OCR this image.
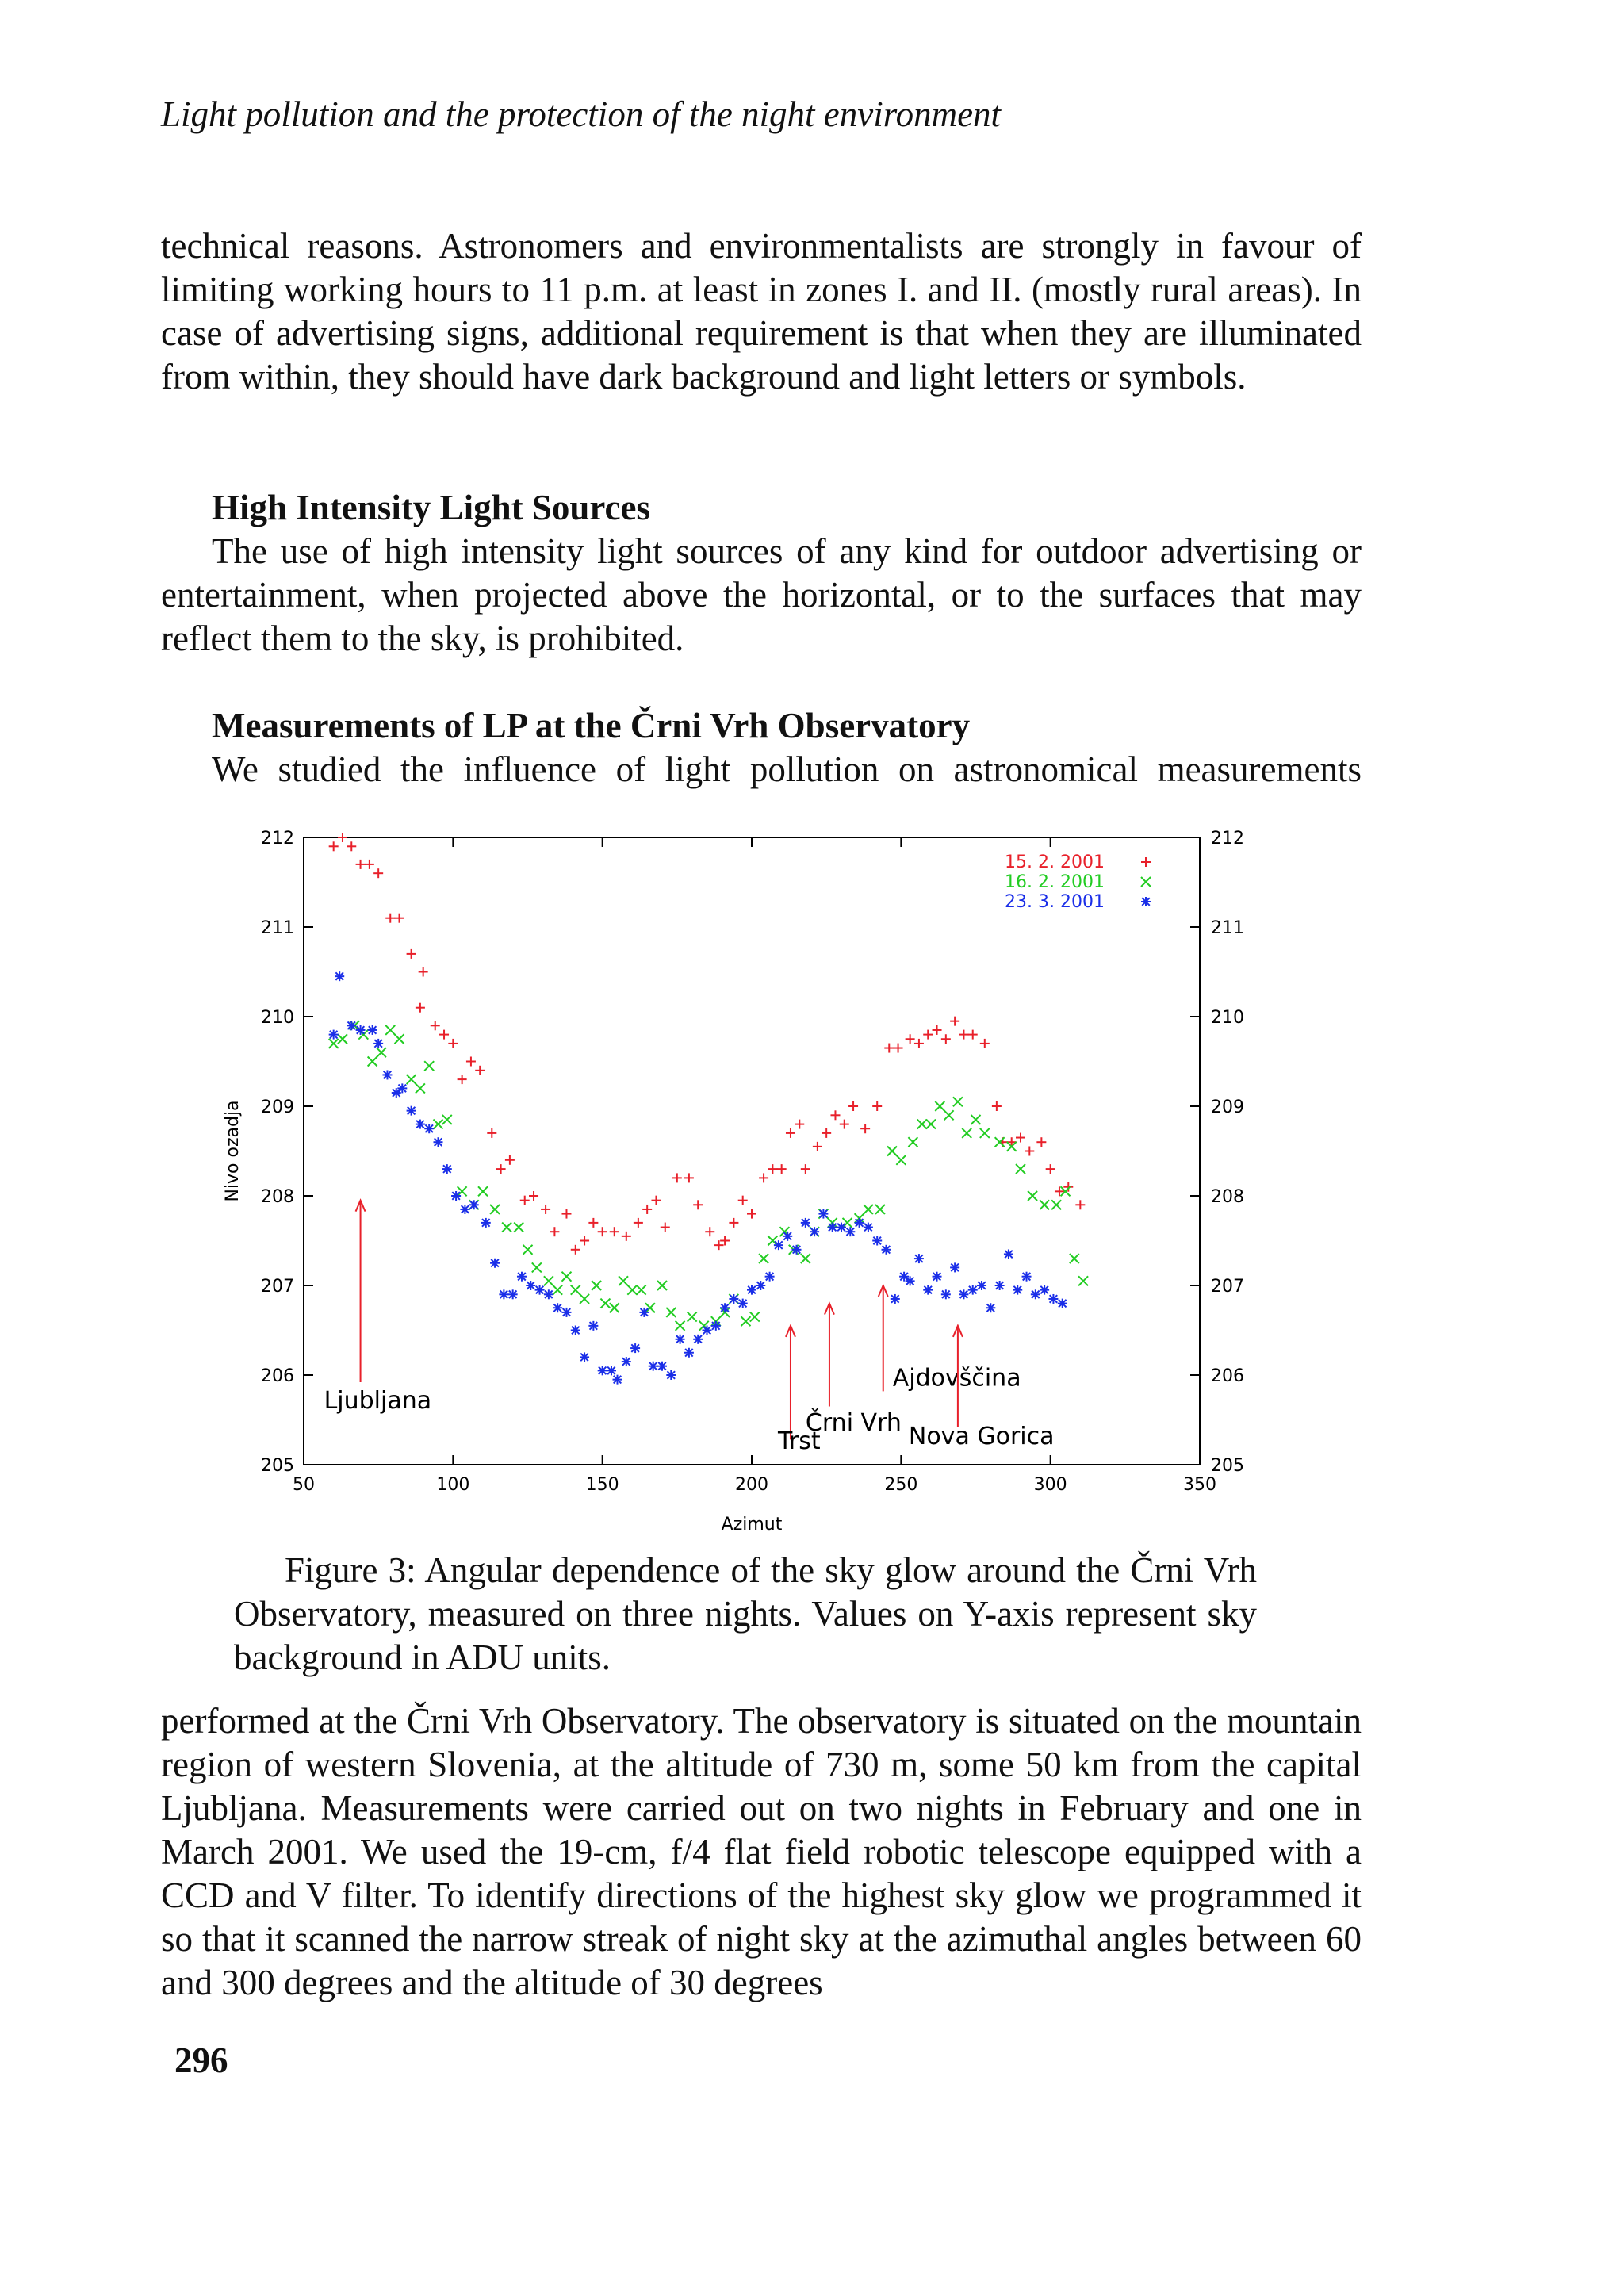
Light pollution and the protection of the night environment

technical reasons. Astronomers and environmentalists are strongly in favour of limiting working hours to 11 p.m. at least in zones I. and II. (mostly rural areas). In case of advertising signs, additional requirement is that when they are illuminated from within, they should have dark background and light letters or symbols.

High Intensity Light Sources

The use of high intensity light sources of any kind for outdoor advertising or entertainment, when projected above the horizontal, or to the surfaces that may reflect them to the sky, is prohibited.

Measurements of LP at the Črni Vrh Observatory

We studied the influence of light pollution on astronomical measurements

50	100	150	200	250	300	350
205	205
206	206
207	207
208	208
209	209
210	210
211	211
212	212
Azimut
Nivo ozadja
15. 2. 2001
16. 2. 2001
23. 3. 2001
Ljubljana
Trst
Črni Vrh
Ajdovščina
Nova Gorica

Figure 3: Angular dependence of the sky glow around the Črni Vrh Observatory, measured on three nights. Values on Y-axis represent sky background in ADU units.

performed at the Črni Vrh Observatory. The observatory is situated on the mountain region of western Slovenia, at the altitude of 730 m, some 50 km from the capital Ljubljana. Measurements were carried out on two nights in February and one in March 2001. We used the 19-cm, f/4 flat field robotic telescope equipped with a CCD and V filter. To identify directions of the highest sky glow we programmed it so that it scanned the narrow streak of night sky at the azimuthal angles between 60 and 300 degrees and the altitude of 30 degrees

296
